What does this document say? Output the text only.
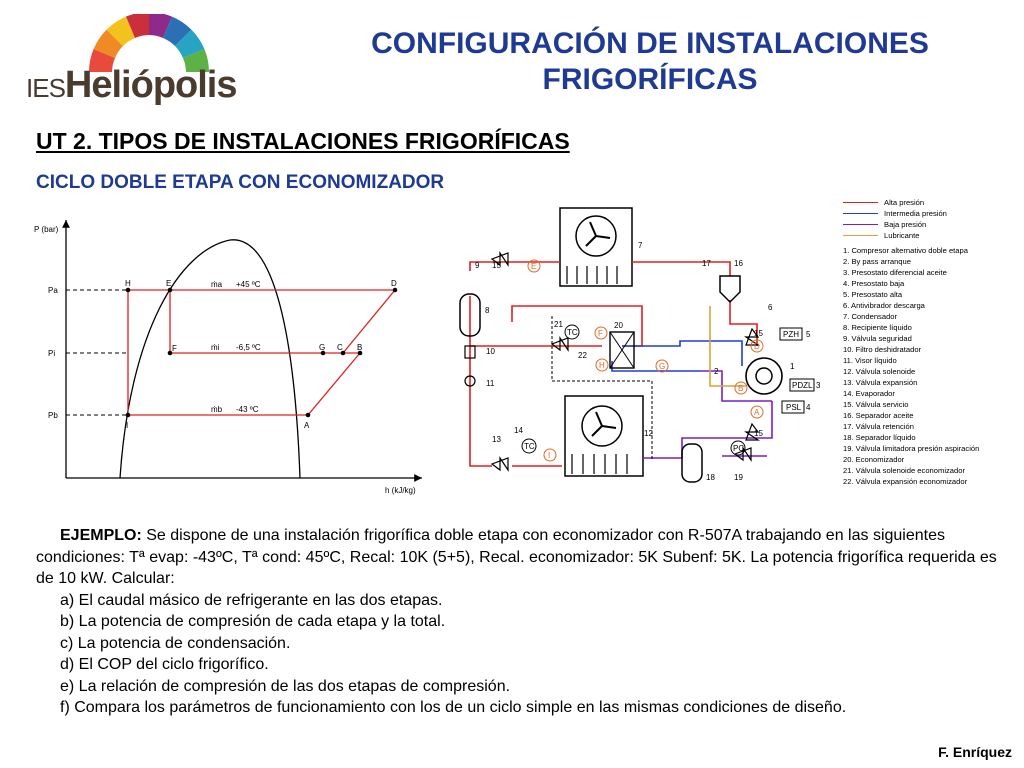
IESHeliópolis
CONFIGURACIÓN DE INSTALACIONES
FRIGORÍFICAS
UT 2. TIPOS DE INSTALACIONES FRIGORÍFICAS
CICLO DOBLE ETAPA CON ECONOMIZADOR
P (bar)
h (kJ/kg)
Pa
Pi
Pb
H	E	D
F	G C B
I	A
ṁa +45 ºC
ṁi -6,5 ºC
ṁb -43 ºC
7
12
8
16
17
1
20
18
PZH
PDZL
PSL
TC
TC	PC
9 15
6
21
22
15	5
10
2
3
11
4
13
14	15
19
E
F
D
H	G
B
A
I
Alta presión
Intermedia presión
Baja presión
Lubricante
1. Compresor alternativo doble etapa
2. By pass arranque
3. Presostato diferencial aceite
4. Presostato baja
5. Presostato alta
6. Antivibrador descarga
7. Condensador
8. Recipiente líquido
9. Válvula seguridad
10. Filtro deshidratador
11. Visor líquido
12. Válvula solenoide
13. Válvula expansión
14. Evaporador
15. Válvula servicio
16. Separador aceite
17. Válvula retención
18. Separador líquido
19. Válvula limitadora presión aspiración
20. Economizador
21. Válvula solenoide economizador
22. Válvula expansión economizador

EJEMPLO: Se dispone de una instalación frigorífica doble etapa con economizador con R-507A trabajando en las siguientes condiciones: Tª evap: -43ºC, Tª cond: 45ºC, Recal: 10K (5+5), Recal. economizador: 5K Subenf: 5K. La potencia frigorífica requerida es de 10 kW. Calcular:

a) El caudal másico de refrigerante en las dos etapas.

b) La potencia de compresión de cada etapa y la total.

c) La potencia de condensación.

d) El COP del ciclo frigorífico.

e) La relación de compresión de las dos etapas de compresión.

f) Compara los parámetros de funcionamiento con los de un ciclo simple en las mismas condiciones de diseño.

F. Enríquez
